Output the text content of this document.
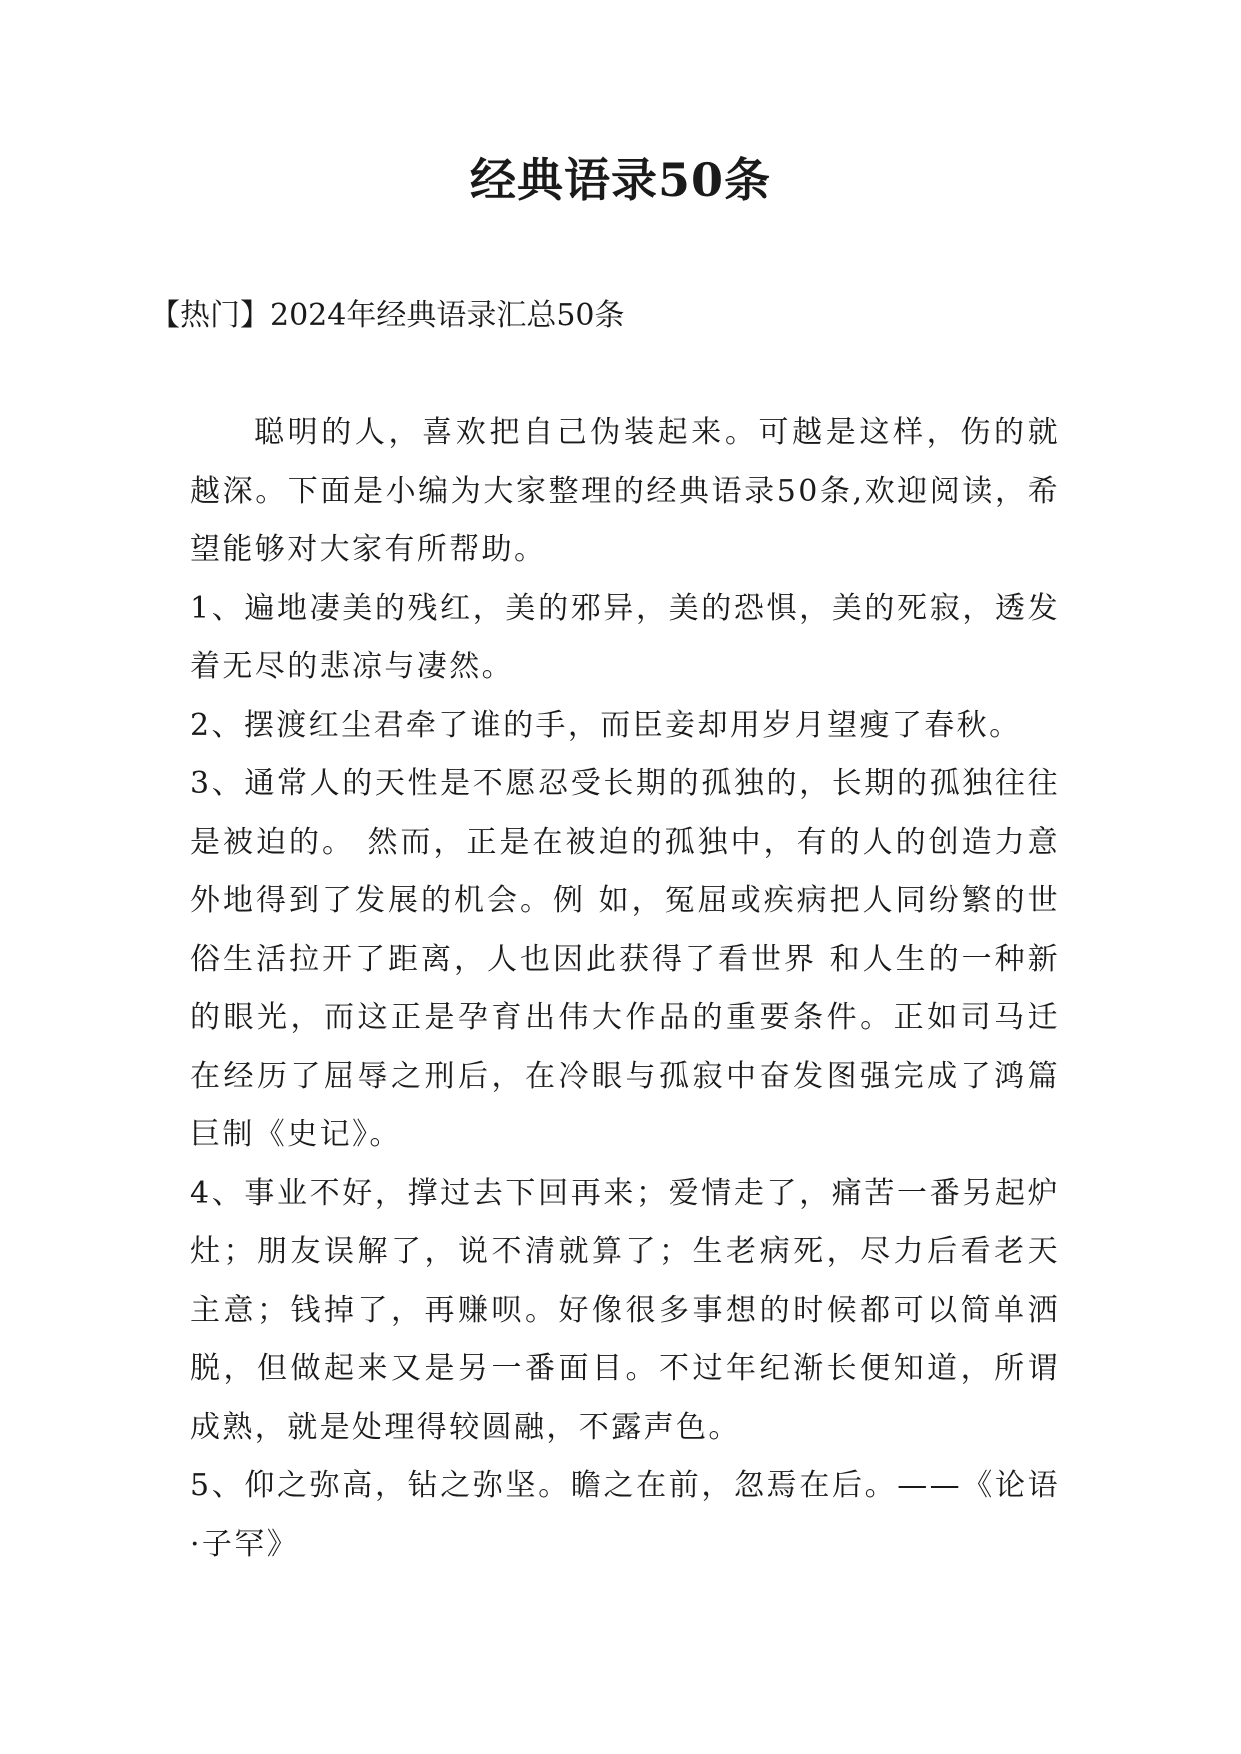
经典语录50条

【热门】2024年经典语录汇总50条

聪明的人，喜欢把自己伪装起来。可越是这样，伤的就越深。下面是小编为大家整理的经典语录50条,欢迎阅读，希望能够对大家有所帮助。

1、遍地凄美的残红，美的邪异，美的恐惧，美的死寂，透发着无尽的悲凉与凄然。

2、摆渡红尘君牵了谁的手，而臣妾却用岁月望瘦了春秋。

3、通常人的天性是不愿忍受长期的孤独的，长期的孤独往往是被迫的。 然而，正是在被迫的孤独中，有的人的创造力意外地得到了发展的机会。例 如，冤屈或疾病把人同纷繁的世俗生活拉开了距离，人也因此获得了看世界 和人生的一种新的眼光，而这正是孕育出伟大作品的重要条件。正如司马迁 在经历了屈辱之刑后，在冷眼与孤寂中奋发图强完成了鸿篇巨制《史记》。

4、事业不好，撑过去下回再来；爱情走了，痛苦一番另起炉灶；朋友误解了，说不清就算了；生老病死，尽力后看老天主意；钱掉了，再赚呗。好像很多事想的时候都可以简单洒脱，但做起来又是另一番面目。不过年纪渐长便知道，所谓成熟，就是处理得较圆融，不露声色。

5、仰之弥高，钻之弥坚。瞻之在前，忽焉在后。——《论语·子罕》
